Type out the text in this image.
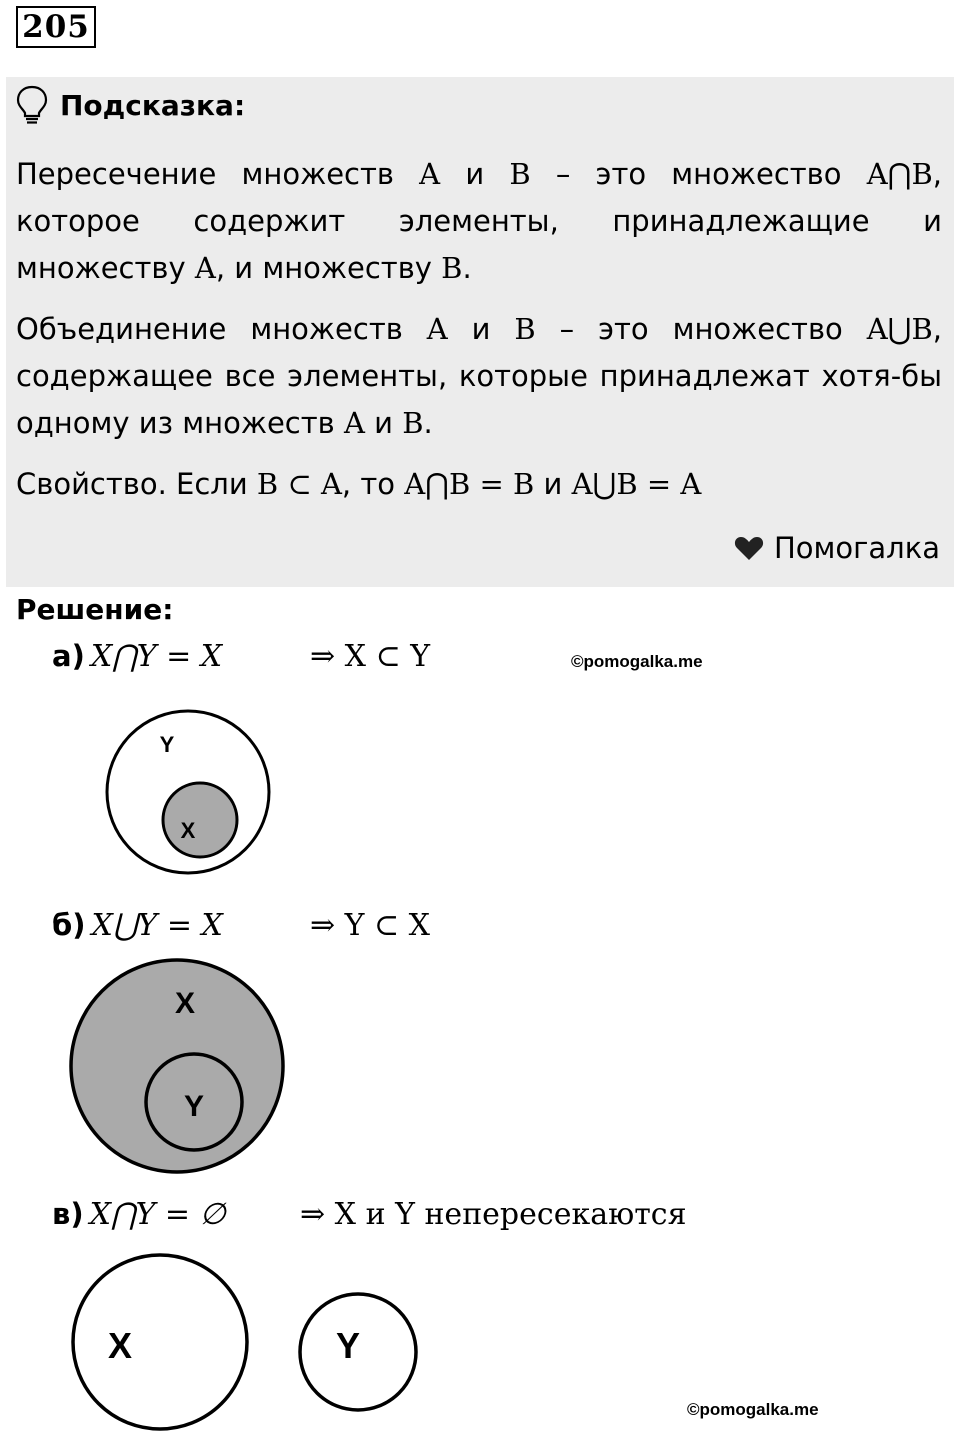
205
Подсказка:
Пересечение множеств A и B – это множество A⋂B, которое содержит элементы, принадлежащие и множеству A, и множеству B.
Объединение множеств A и B – это множество A⋃B, содержащее все элементы, которые принадлежат хотя-бы одному из множеств A и B.
Свойство. Если B ⊂ A, то A⋂B = B и A⋃B = A
Помогалка
Решение:
а) X⋂Y = X	⇒ X ⊂ Y	©pomogalka.me
б) X⋃Y = X	⇒ Y ⊂ X
в) X⋂Y = ∅ ⇒ X и Y непересекаются
©pomogalka.me
Y
X
X
Y
X	Y
